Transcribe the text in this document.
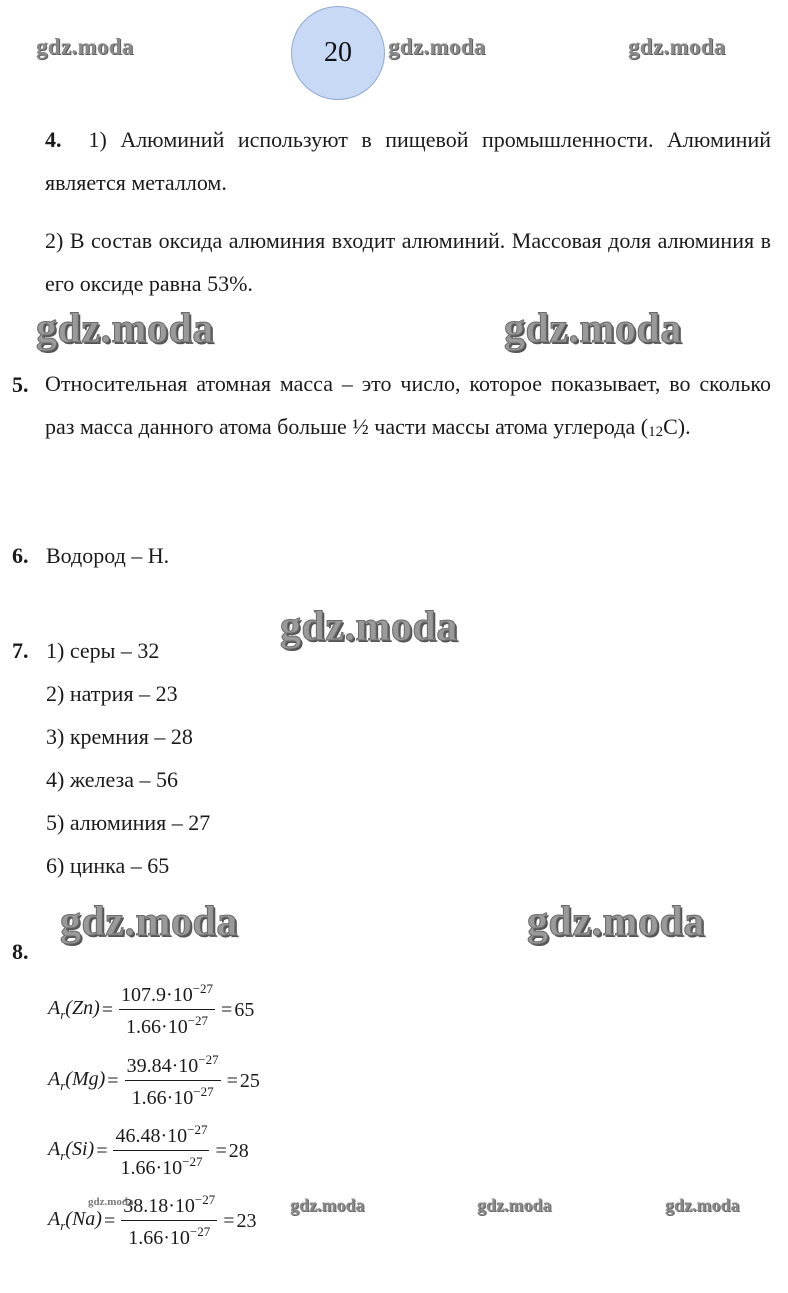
gdz.moda	20	gdz.moda	gdz.moda
4. 1) Алюминий используют в пищевой промышленности. Алюминий является металлом.
2) В состав оксида алюминия входит алюминий. Массовая доля алюминия в его оксиде равна 53%.
gdz.moda	gdz.moda
5. Относительная атомная масса – это число, которое показывает, во сколько раз масса данного атома больше ½ части массы атома углерода (12C).
6. Водород – H.
gdz.moda
7. 1) серы – 32
2) натрия – 23
3) кремния – 28
4) железа – 56
5) алюминия – 27
6) цинка – 65
gdz.moda	gdz.moda
8.
$A_r(Zn) = \frac{107.9\cdot 10^{-27}}{1.66\cdot 10^{-27}} = 65$
$A_r(Mg) = \frac{39.84\cdot 10^{-27}}{1.66\cdot 10^{-27}} = 25$
$A_r(Si) = \frac{46.48\cdot 10^{-27}}{1.66\cdot 10^{-27}} = 28$
$A_r(Na) = \frac{38.18\cdot 10^{-27}}{1.66\cdot 10^{-27}} = 23$
gdz.moda	gdz.moda	gdz.moda	gdz.moda
